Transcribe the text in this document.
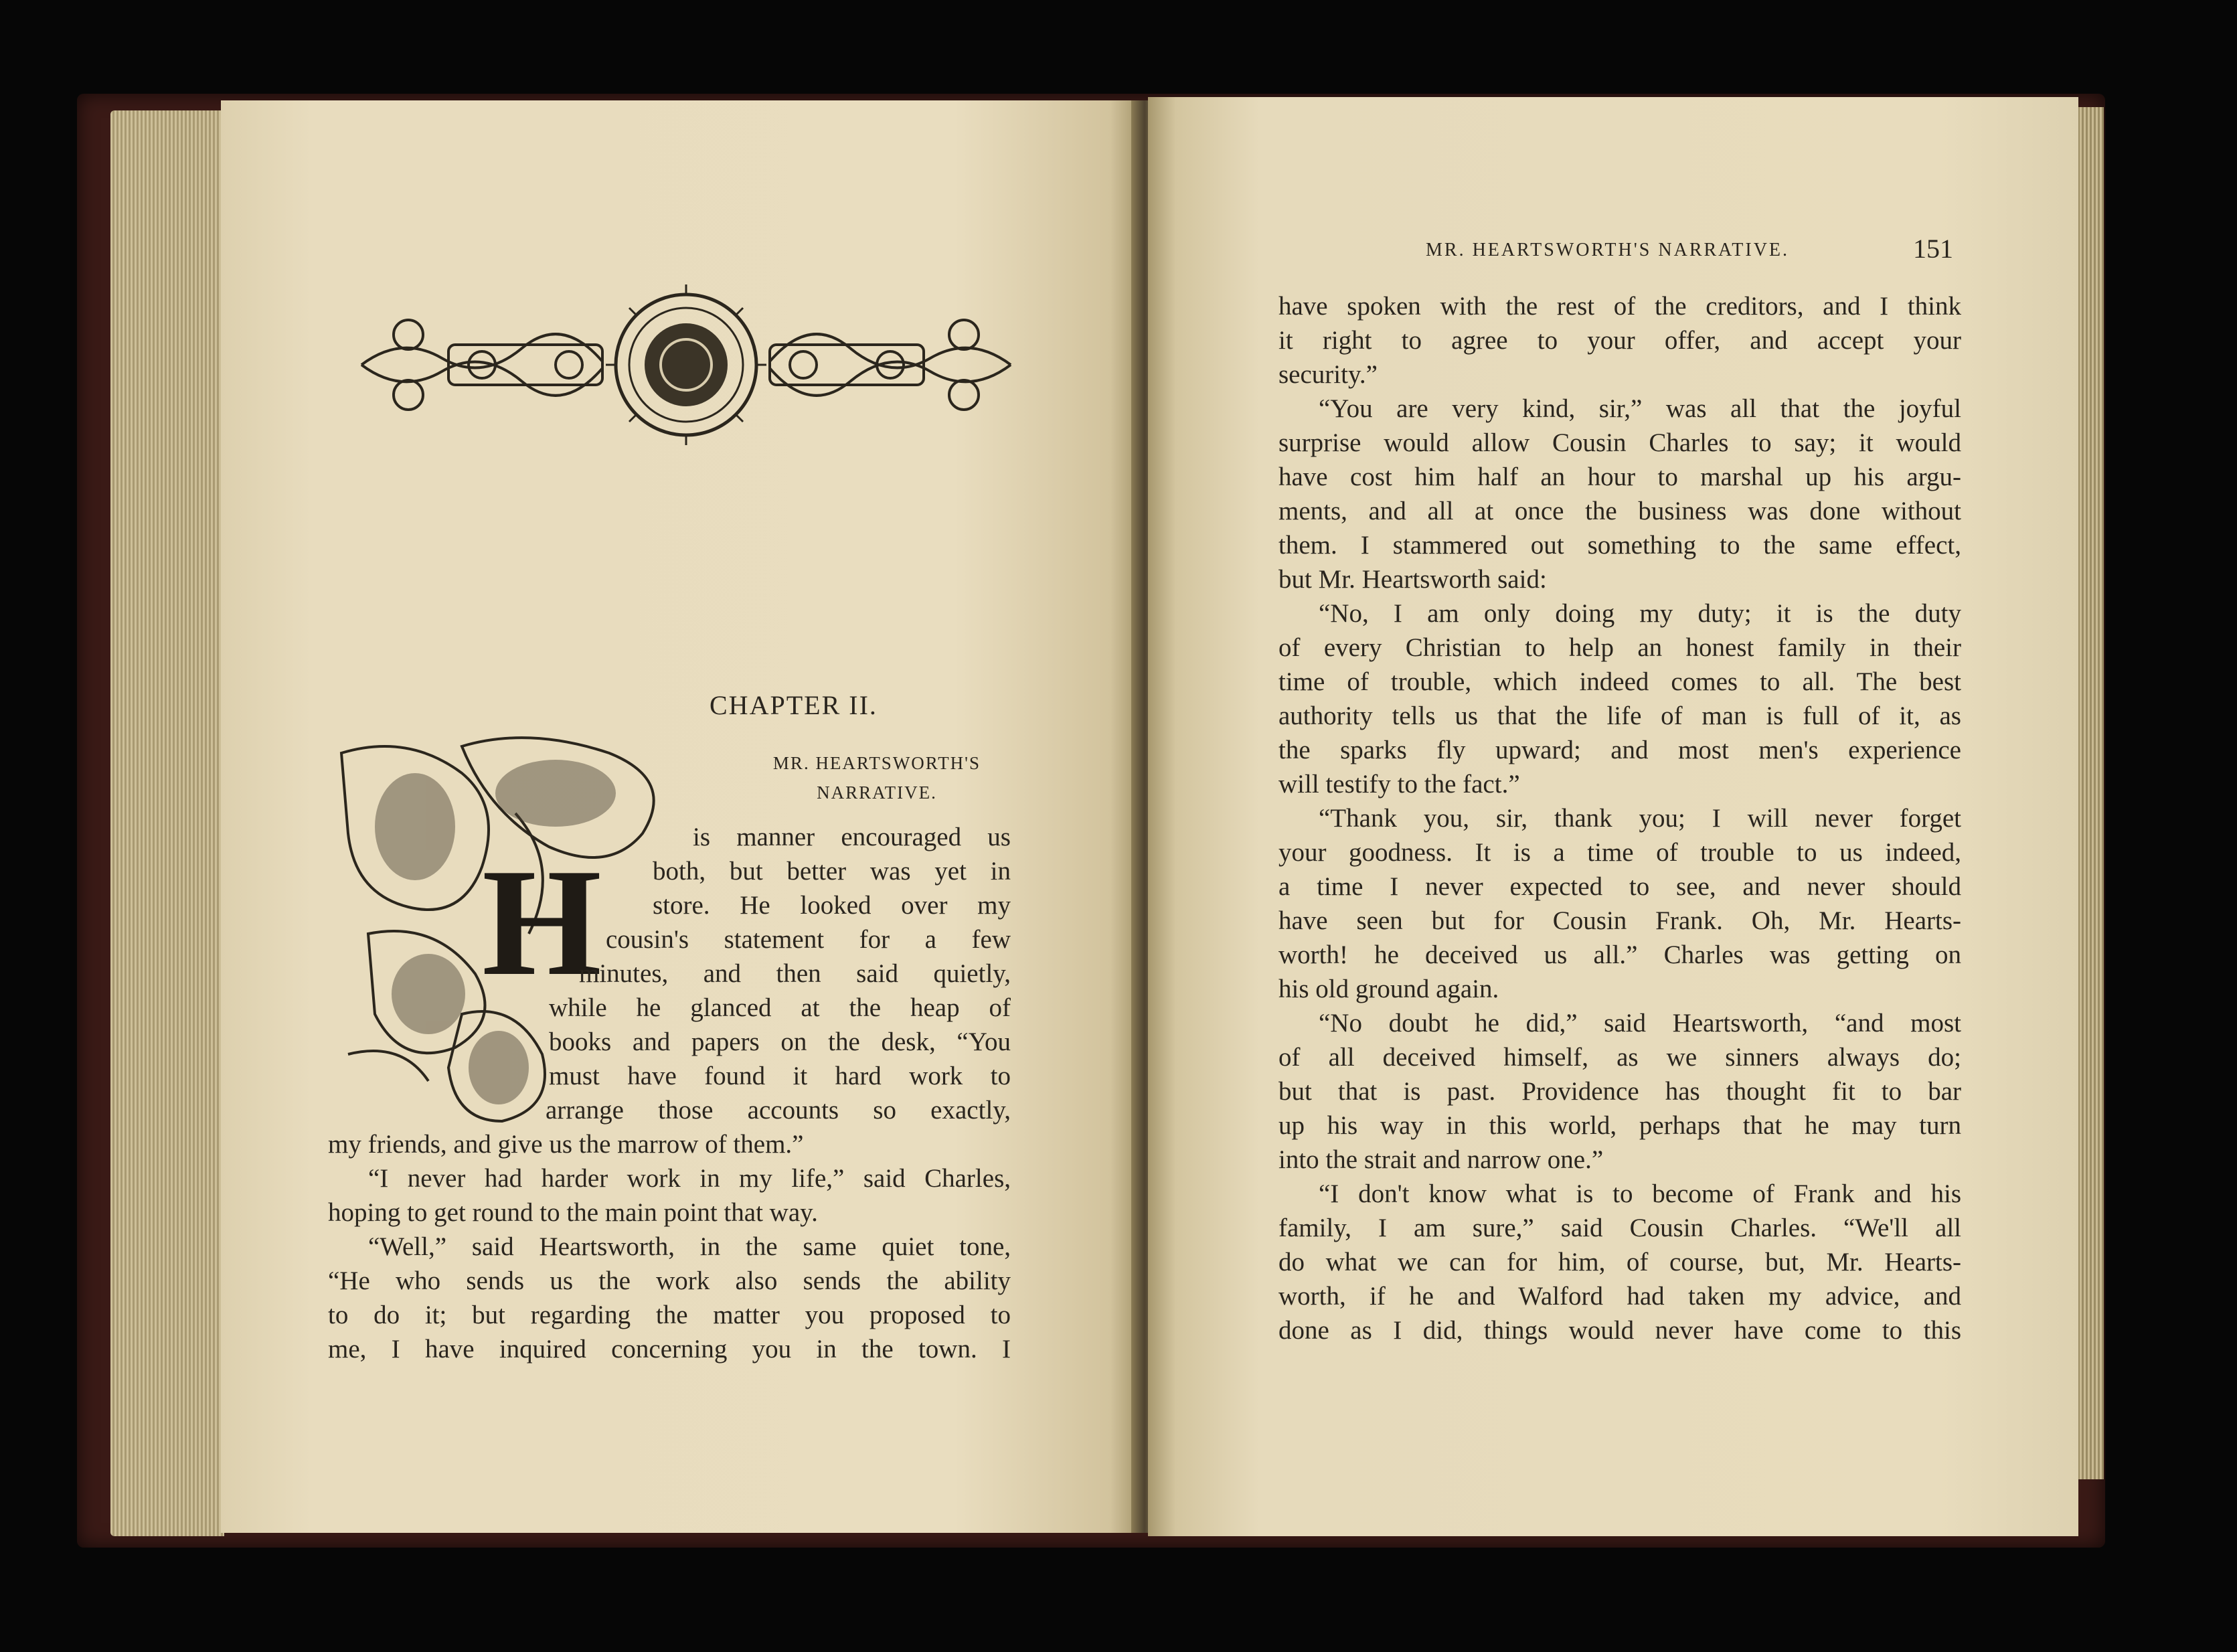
CHAPTER II.
MR. HEARTSWORTH'S
NARRATIVE.
H	is manner encouraged us
both, but better was yet in
store. He looked over my
cousin's statement for a few
minutes, and then said quietly,
while he glanced at the heap of
books and papers on the desk, “You
must have found it hard work to
arrange those accounts so exactly,
my friends, and give us the marrow of them.”
“I never had harder work in my life,” said Charles,
hoping to get round to the main point that way.
“Well,” said Heartsworth, in the same quiet tone,
“He who sends us the work also sends the ability
to do it; but regarding the matter you proposed to
me, I have inquired concerning you in the town. I
MR. HEARTSWORTH'S NARRATIVE.	151
have spoken with the rest of the creditors, and I think
it right to agree to your offer, and accept your
security.”
“You are very kind, sir,” was all that the joyful
surprise would allow Cousin Charles to say; it would
have cost him half an hour to marshal up his argu-
ments, and all at once the business was done without
them. I stammered out something to the same effect,
but Mr. Heartsworth said:
“No, I am only doing my duty; it is the duty
of every Christian to help an honest family in their
time of trouble, which indeed comes to all. The best
authority tells us that the life of man is full of it, as
the sparks fly upward; and most men's experience
will testify to the fact.”
“Thank you, sir, thank you; I will never forget
your goodness. It is a time of trouble to us indeed,
a time I never expected to see, and never should
have seen but for Cousin Frank. Oh, Mr. Hearts-
worth! he deceived us all.” Charles was getting on
his old ground again.
“No doubt he did,” said Heartsworth, “and most
of all deceived himself, as we sinners always do;
but that is past. Providence has thought fit to bar
up his way in this world, perhaps that he may turn
into the strait and narrow one.”
“I don't know what is to become of Frank and his
family, I am sure,” said Cousin Charles. “We'll all
do what we can for him, of course, but, Mr. Hearts-
worth, if he and Walford had taken my advice, and
done as I did, things would never have come to this
